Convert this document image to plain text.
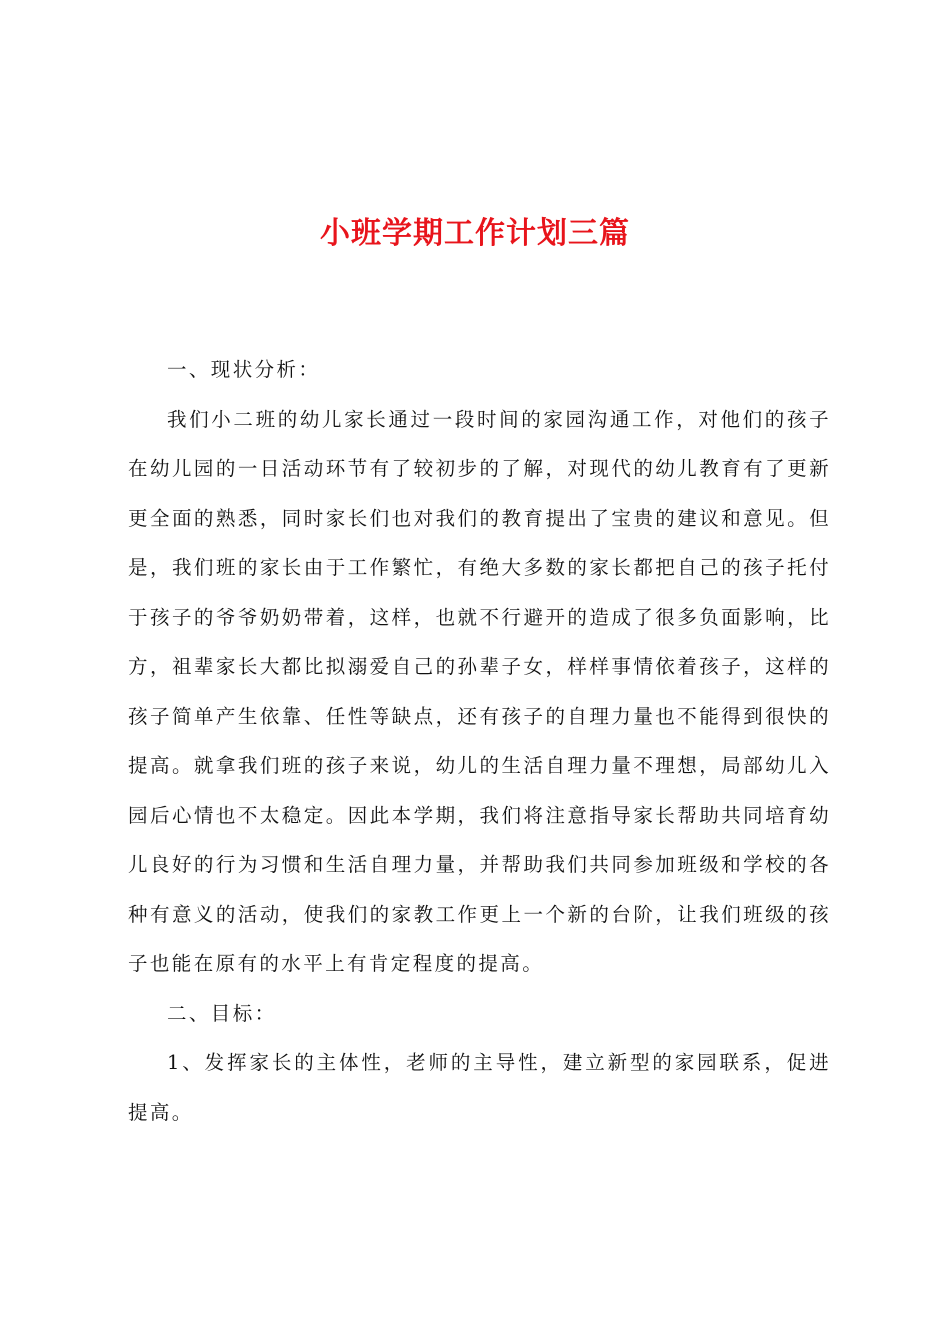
小班学期工作计划三篇

一、现状分析：

我们小二班的幼儿家长通过一段时间的家园沟通工作，对他们的孩子在幼儿园的一日活动环节有了较初步的了解，对现代的幼儿教育有了更新更全面的熟悉，同时家长们也对我们的教育提出了宝贵的建议和意见。但是，我们班的家长由于工作繁忙，有绝大多数的家长都把自己的孩子托付于孩子的爷爷奶奶带着，这样，也就不行避开的造成了很多负面影响，比方，祖辈家长大都比拟溺爱自己的孙辈子女，样样事情依着孩子，这样的孩子简单产生依靠、任性等缺点，还有孩子的自理力量也不能得到很快的提高。就拿我们班的孩子来说，幼儿的生活自理力量不理想，局部幼儿入园后心情也不太稳定。因此本学期，我们将注意指导家长帮助共同培育幼儿良好的行为习惯和生活自理力量，并帮助我们共同参加班级和学校的各种有意义的活动，使我们的家教工作更上一个新的台阶，让我们班级的孩子也能在原有的水平上有肯定程度的提高。

二、目标：

1、发挥家长的主体性，老师的主导性，建立新型的家园联系，促进提高。
